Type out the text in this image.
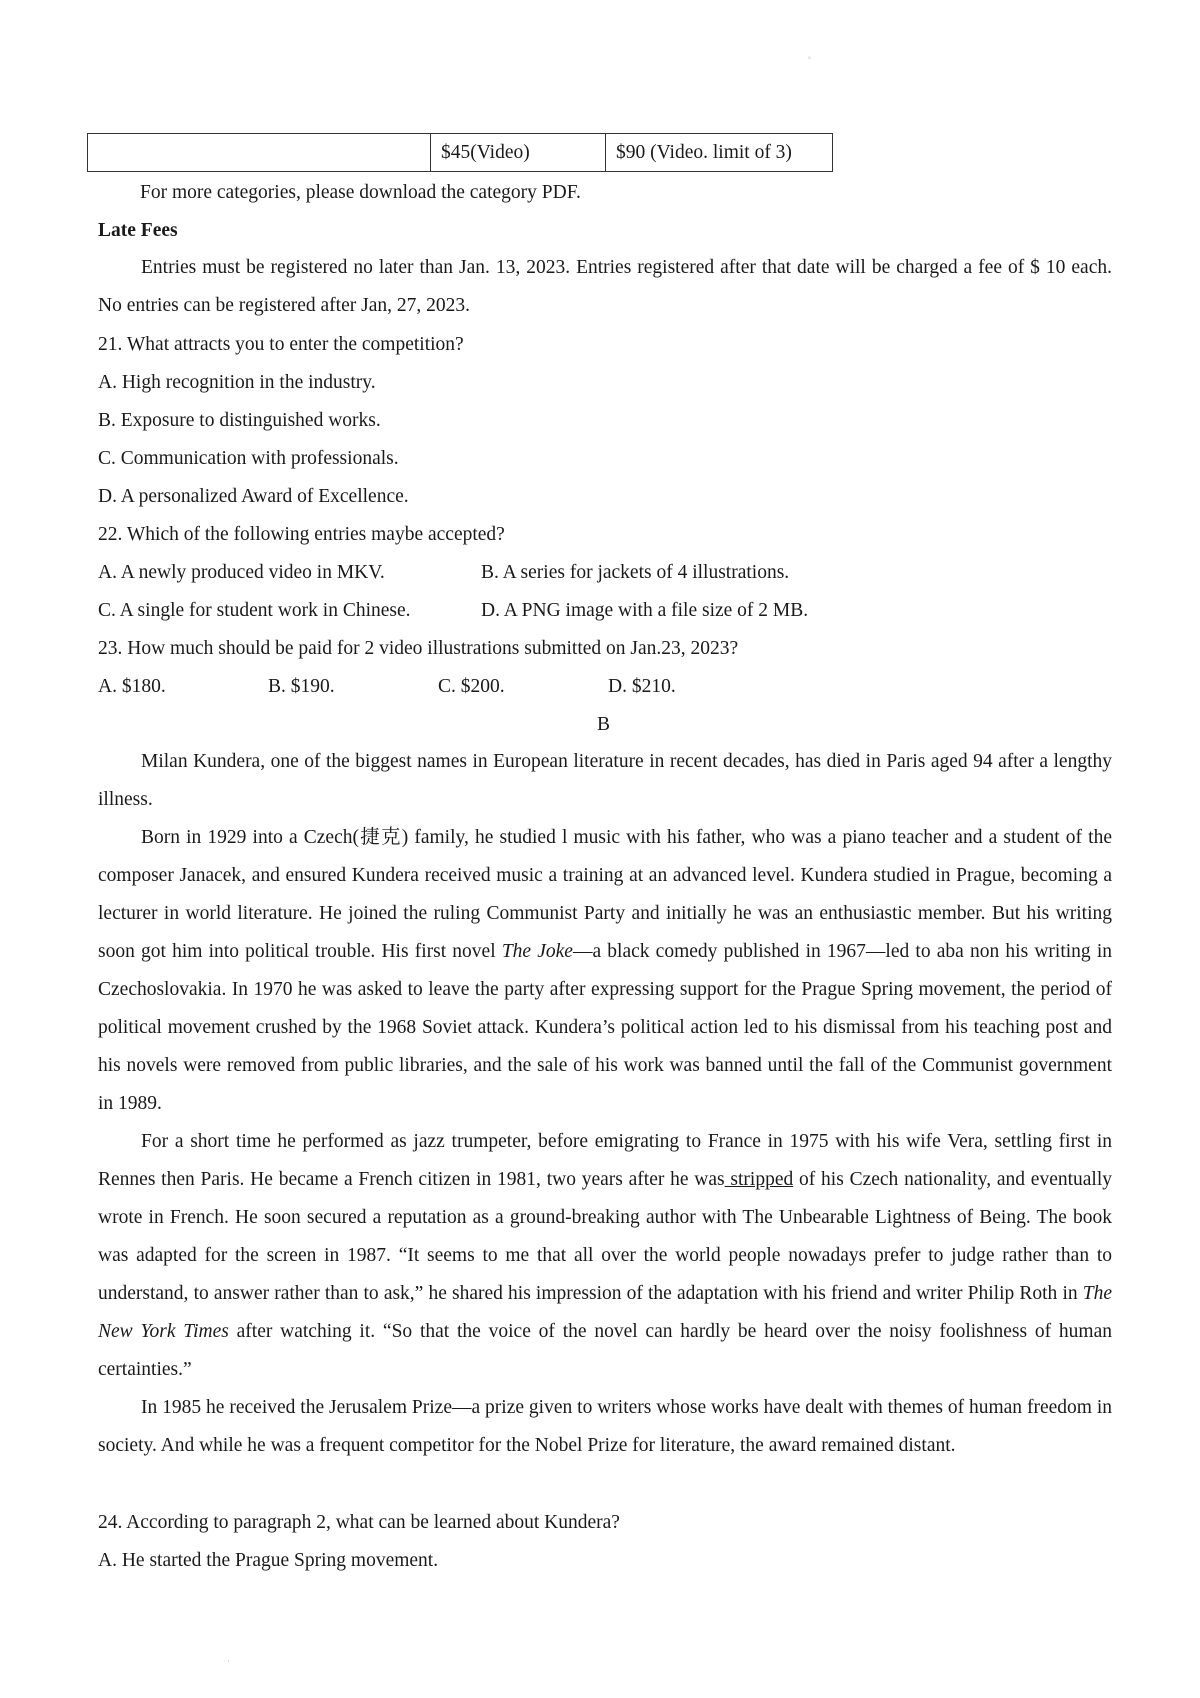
。
·
	$45(Video)	$90 (Video. limit of 3)
For more categories, please download the category PDF.
Late Fees

Entries must be registered no later than Jan. 13, 2023. Entries registered after that date will be charged a fee of $ 10 each. No entries can be registered after Jan, 27, 2023.

21. What attracts you to enter the competition?
A. High recognition in the industry.
B. Exposure to distinguished works.
C. Communication with professionals.
D. A personalized Award of Excellence.
22. Which of the following entries maybe accepted?
A. A newly produced video in MKV.	B. A series for jackets of 4 illustrations.
C. A single for student work in Chinese.	D. A PNG image with a file size of 2 MB.
23. How much should be paid for 2 video illustrations submitted on Jan.23, 2023?
A. $180.	B. $190.	C. $200.	D. $210.
B

Milan Kundera, one of the biggest names in European literature in recent decades, has died in Paris aged 94 after a lengthy illness.

Born in 1929 into a Czech(捷克) family, he studied l music with his father, who was a piano teacher and a student of the composer Janacek, and ensured Kundera received music a training at an advanced level. Kundera studied in Prague, becoming a lecturer in world literature. He joined the ruling Communist Party and initially he was an enthusiastic member. But his writing soon got him into political trouble. His first novel The Joke—a black comedy published in 1967—led to aba non his writing in Czechoslovakia. In 1970 he was asked to leave the party after expressing support for the Prague Spring movement, the period of political movement crushed by the 1968 Soviet attack. Kundera’s political action led to his dismissal from his teaching post and his novels were removed from public libraries, and the sale of his work was banned until the fall of the Communist government in 1989.

For a short time he performed as jazz trumpeter, before emigrating to France in 1975 with his wife Vera, settling first in Rennes then Paris. He became a French citizen in 1981, two years after he was stripped of his Czech nationality, and eventually wrote in French. He soon secured a reputation as a ground-breaking author with The Unbearable Lightness of Being. The book was adapted for the screen in 1987. “It seems to me that all over the world people nowadays prefer to judge rather than to understand, to answer rather than to ask,” he shared his impression of the adaptation with his friend and writer Philip Roth in The New York Times after watching it. “So that the voice of the novel can hardly be heard over the noisy foolishness of human certainties.”

In 1985 he received the Jerusalem Prize—a prize given to writers whose works have dealt with themes of human freedom in society. And while he was a frequent competitor for the Nobel Prize for literature, the award remained distant.

24. According to paragraph 2, what can be learned about Kundera?
A. He started the Prague Spring movement.
